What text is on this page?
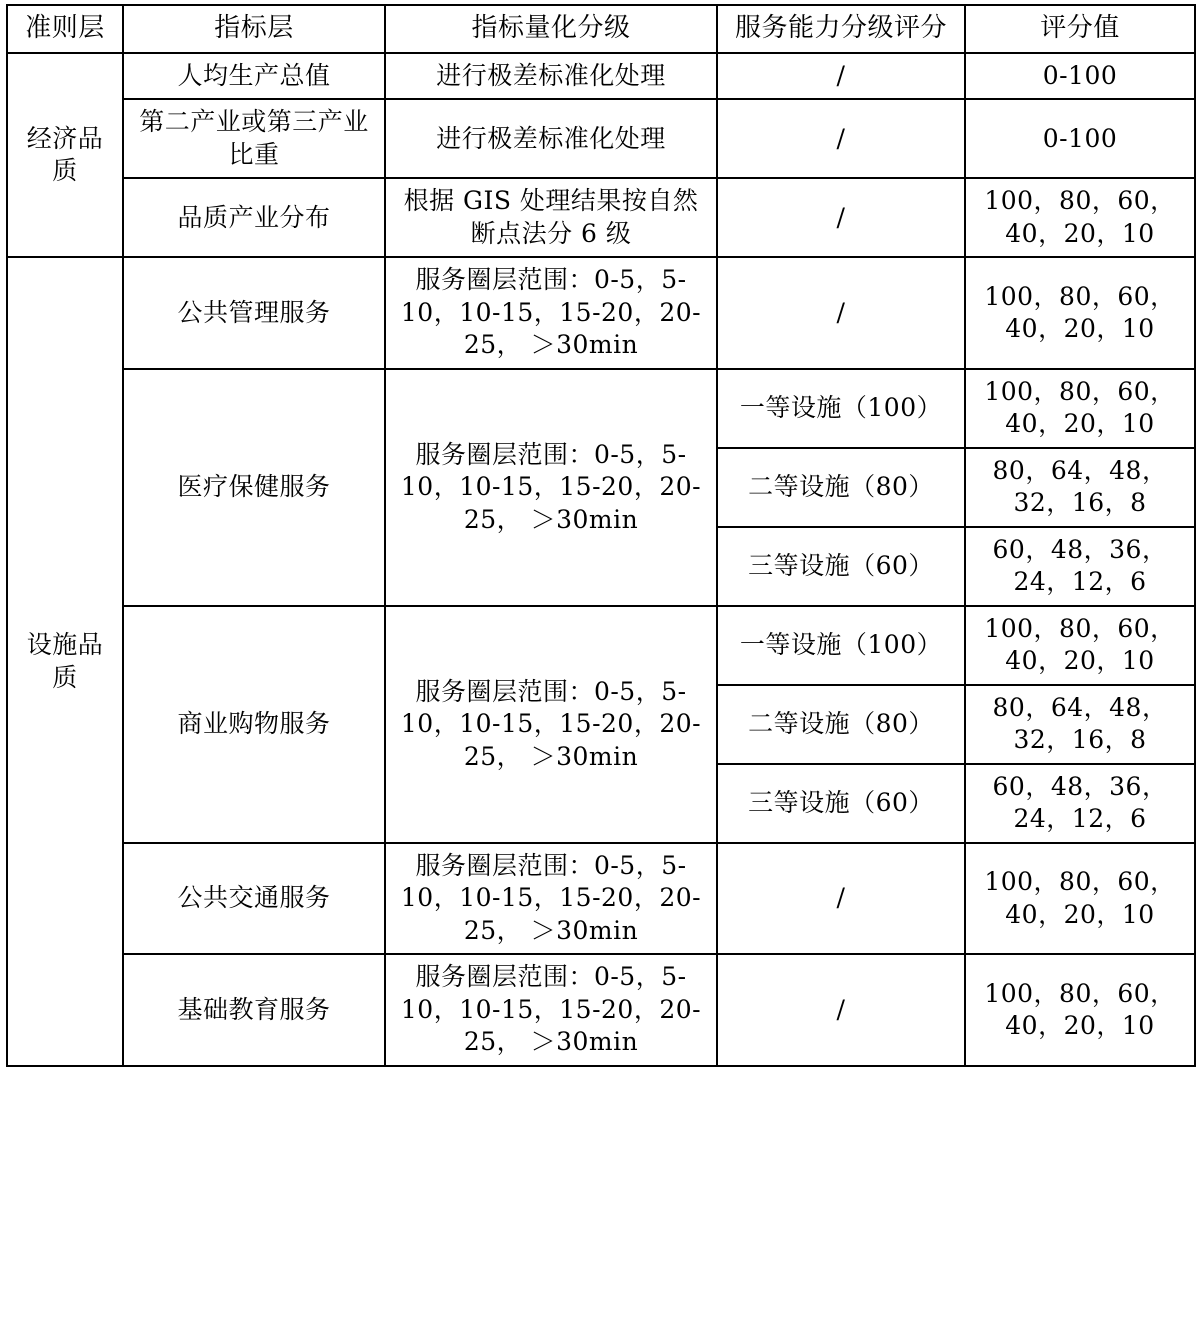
准则层	指标层	指标量化分级	服务能力分级评分	评分值
经济品质	人均生产总值	进行极差标准化处理	/	0-100
	第二产业或第三产业比重	进行极差标准化处理	/	0-100
	品质产业分布	根据 GIS 处理结果按自然断点法分 6 级	/	100，80，60，40，20，10
设施品质	公共管理服务	服务圈层范围：0-5，5-10，10-15，15-20，20-25， ＞30min	/	100，80，60，40，20，10
	医疗保健服务	服务圈层范围：0-5，5-10，10-15，15-20，20-25， ＞30min	一等设施（100）	100，80，60，40，20，10
			二等设施（80）	80，64，48，32，16，8
			三等设施（60）	60，48，36，24，12，6
	商业购物服务	服务圈层范围：0-5，5-10，10-15，15-20，20-25， ＞30min	一等设施（100）	100，80，60，40，20，10
			二等设施（80）	80，64，48，32，16，8
			三等设施（60）	60，48，36，24，12，6
	公共交通服务	服务圈层范围：0-5，5-10，10-15，15-20，20-25， ＞30min	/	100，80，60，40，20，10
	基础教育服务	服务圈层范围：0-5，5-10，10-15，15-20，20-25， ＞30min	/	100，80，60，40，20，10
